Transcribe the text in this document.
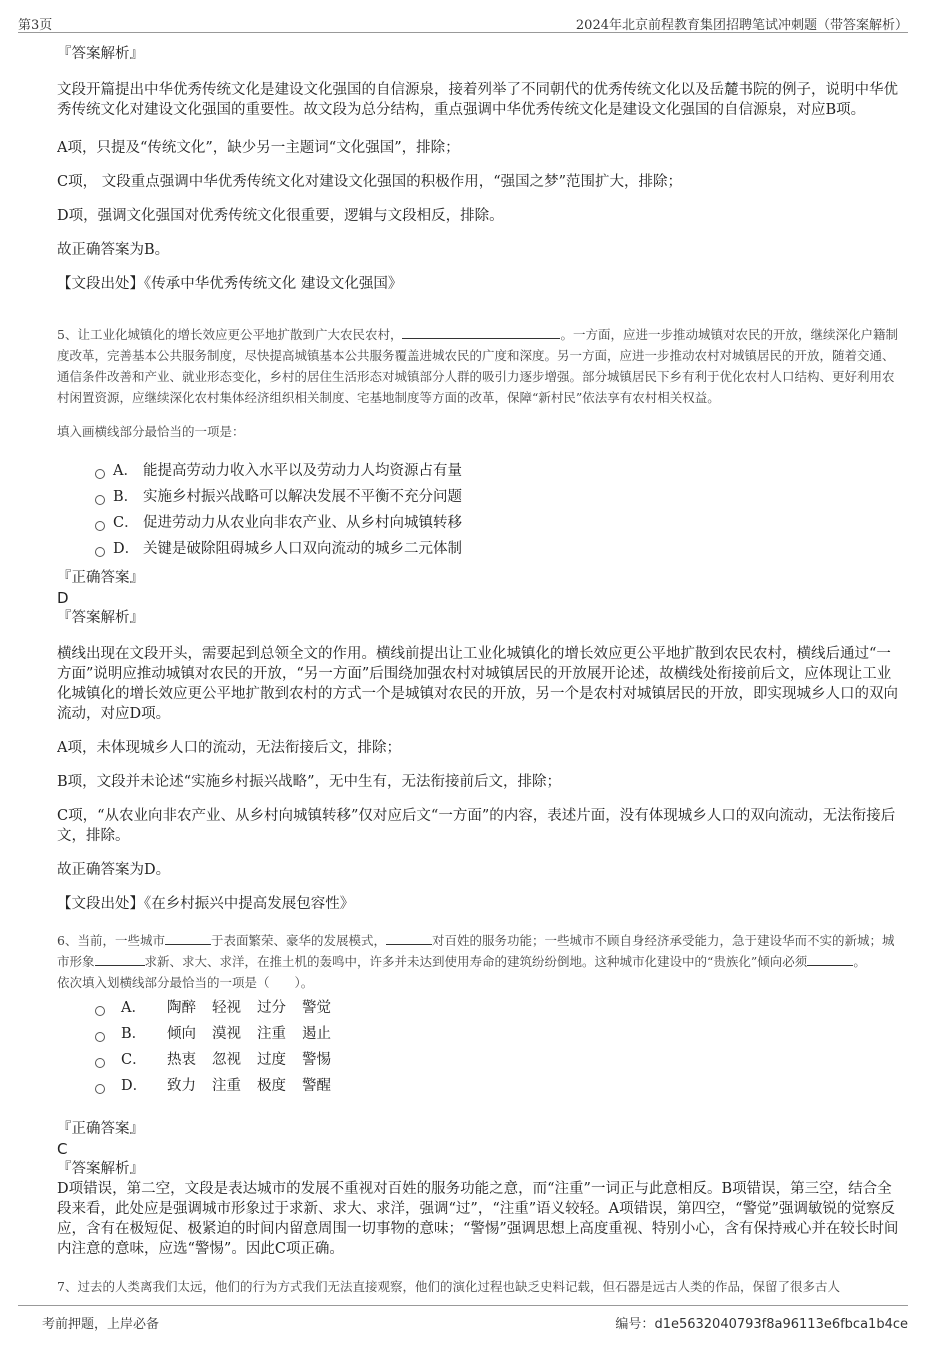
第3页	2024年北京前程教育集团招聘笔试冲刺题（带答案解析）

『答案解析』

文段开篇提出中华优秀传统文化是建设文化强国的自信源泉，接着列举了不同朝代的优秀传统文化以及岳麓书院的例子，说明中华优秀传统文化对建设文化强国的重要性。故文段为总分结构，重点强调中华优秀传统文化是建设文化强国的自信源泉，对应B项。

A项，只提及“传统文化”，缺少另一主题词“文化强国”，排除；

C项， 文段重点强调中华优秀传统文化对建设文化强国的积极作用，“强国之梦”范围扩大，排除；

D项，强调文化强国对优秀传统文化很重要，逻辑与文段相反，排除。

故正确答案为B。

【文段出处】《传承中华优秀传统文化 建设文化强国》

5、让工业化城镇化的增长效应更公平地扩散到广大农民农村，	。一方面，应进一步推动城镇对农民的开放，继续深化户籍制度改革，完善基本公共服务制度，尽快提高城镇基本公共服务覆盖进城农民的广度和深度。另一方面，应进一步推动农村对城镇居民的开放，随着交通、通信条件改善和产业、就业形态变化，乡村的居住生活形态对城镇部分人群的吸引力逐步增强。部分城镇居民下乡有利于优化农村人口结构、更好利用农村闲置资源，应继续深化农村集体经济组织相关制度、宅基地制度等方面的改革，保障“新村民”依法享有农村相关权益。

填入画横线部分最恰当的一项是：

A． 能提高劳动力收入水平以及劳动力人均资源占有量
B． 实施乡村振兴战略可以解决发展不平衡不充分问题
C． 促进劳动力从农业向非农产业、从乡村向城镇转移
D． 关键是破除阻碍城乡人口双向流动的城乡二元体制

『正确答案』

D

『答案解析』

横线出现在文段开头，需要起到总领全文的作用。横线前提出让工业化城镇化的增长效应更公平地扩散到农民农村，横线后通过“一方面”说明应推动城镇对农民的开放，“另一方面”后围绕加强农村对城镇居民的开放展开论述，故横线处衔接前后文，应体现让工业化城镇化的增长效应更公平地扩散到农村的方式一个是城镇对农民的开放，另一个是农村对城镇居民的开放，即实现城乡人口的双向流动，对应D项。

A项，未体现城乡人口的流动，无法衔接后文，排除；

B项，文段并未论述“实施乡村振兴战略”，无中生有，无法衔接前后文，排除；

C项，“从农业向非农产业、从乡村向城镇转移”仅对应后文“一方面”的内容，表述片面，没有体现城乡人口的双向流动，无法衔接后文，排除。

故正确答案为D。

【文段出处】《在乡村振兴中提高发展包容性》

6、当前，一些城市	于表面繁荣、豪华的发展模式，	对百姓的服务功能；一些城市不顾自身经济承受能力，急于建设华而不实的新城；城市形象	求新、求大、求洋，在推土机的轰鸣中，许多并未达到使用寿命的建筑纷纷倒地。这种城市化建设中的“贵族化”倾向必须	。

依次填入划横线部分最恰当的一项是（　　）。

A．	陶醉 轻视 过分 警觉
B．	倾向 漠视 注重 遏止
C．	热衷 忽视 过度 警惕
D． 致力 注重 极度 警醒

『正确答案』

C

『答案解析』

D项错误，第二空，文段是表达城市的发展不重视对百姓的服务功能之意，而“注重”一词正与此意相反。B项错误，第三空，结合全段来看，此处应是强调城市形象过于求新、求大、求洋，强调“过”，“注重”语义较轻。A项错误，第四空，“警觉”强调敏锐的觉察反应，含有在极短促、极紧迫的时间内留意周围一切事物的意味；“警惕”强调思想上高度重视、特别小心，含有保持戒心并在较长时间内注意的意味，应选“警惕”。因此C项正确。

7、过去的人类离我们太远，他们的行为方式我们无法直接观察，他们的演化过程也缺乏史料记载，但石器是远古人类的作品，保留了很多古人

考前押题，上岸必备	编号：d1e5632040793f8a96113e6fbca1b4ce
